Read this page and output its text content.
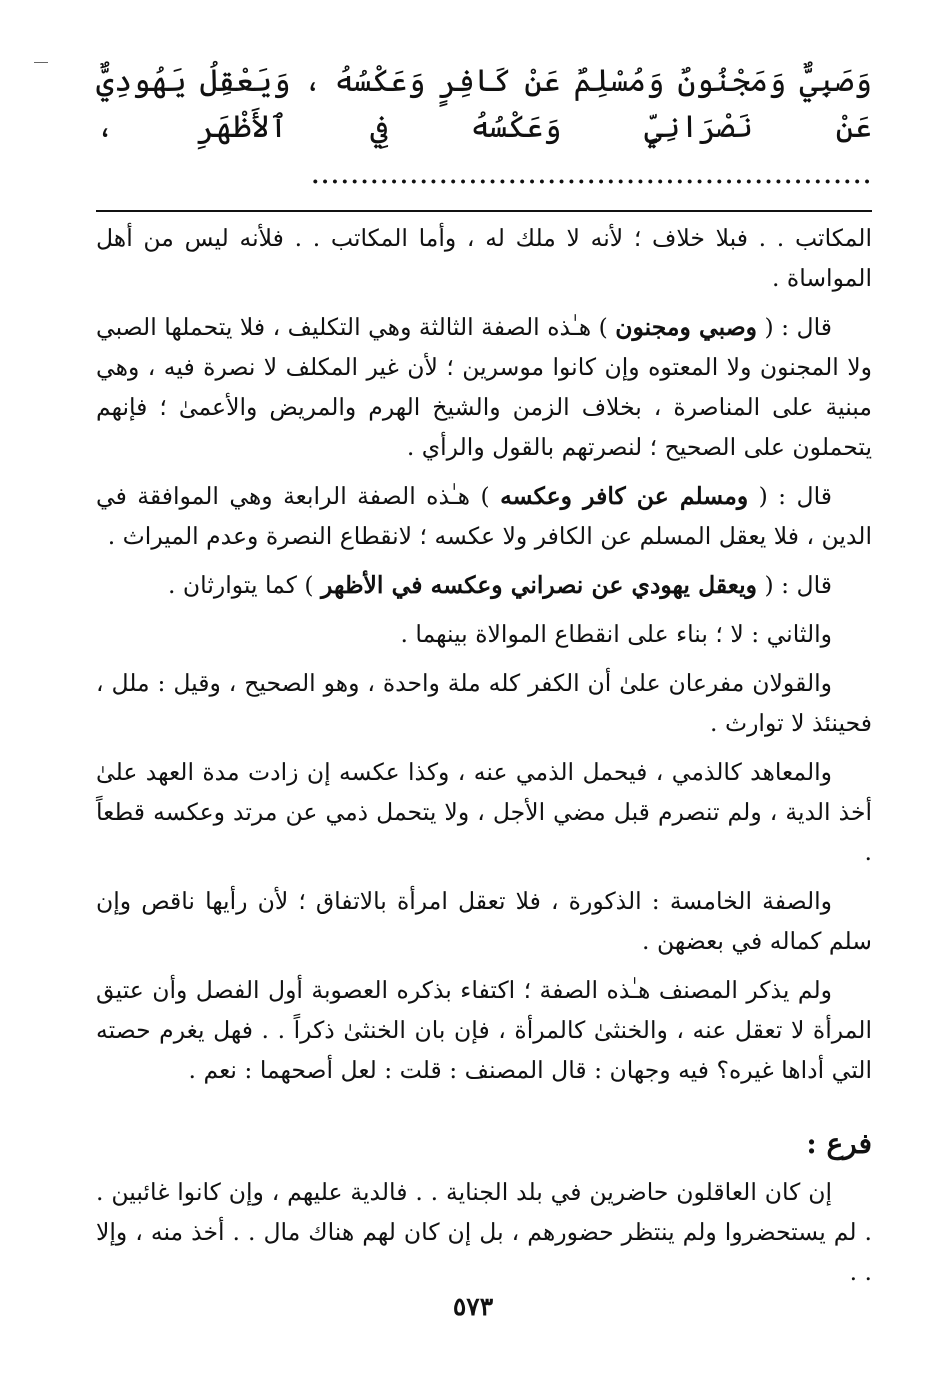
وَصَبِيٌّ وَمَجْنُونٌ وَمُسْلِمٌ عَنْ كَافِرٍ وَعَكْسُهُ ، وَيَعْقِلُ يَهُودِيٌّ عَنْ نَصْرَانِيٍّ وَعَكْسُهُ فِي ٱلأَظْهَرِ ، .........................................................

المكاتب . . فبلا خلاف ؛ لأنه لا ملك له ، وأما المكاتب . . فلأنه ليس من أهل المواساة .

قال : ( وصبي ومجنون ) هـٰذه الصفة الثالثة وهي التكليف ، فلا يتحملها الصبي ولا المجنون ولا المعتوه وإن كانوا موسرين ؛ لأن غير المكلف لا نصرة فيه ، وهي مبنية على المناصرة ، بخلاف الزمن والشيخ الهرم والمريض والأعمىٰ ؛ فإنهم يتحملون على الصحيح ؛ لنصرتهم بالقول والرأي .

قال : ( ومسلم عن كافر وعكسه ) هـٰذه الصفة الرابعة وهي الموافقة في الدين ، فلا يعقل المسلم عن الكافر ولا عكسه ؛ لانقطاع النصرة وعدم الميراث .

قال : ( ويعقل يهودي عن نصراني وعكسه في الأظهر ) كما يتوارثان .

والثاني : لا ؛ بناء على انقطاع الموالاة بينهما .

والقولان مفرعان علىٰ أن الكفر كله ملة واحدة ، وهو الصحيح ، وقيل : ملل ، فحينئذ لا توارث .

والمعاهد كالذمي ، فيحمل الذمي عنه ، وكذا عكسه إن زادت مدة العهد علىٰ أخذ الدية ، ولم تنصرم قبل مضي الأجل ، ولا يتحمل ذمي عن مرتد وعكسه قطعاً .

والصفة الخامسة : الذكورة ، فلا تعقل امرأة بالاتفاق ؛ لأن رأيها ناقص وإن سلم كماله في بعضهن .

ولم يذكر المصنف هـٰذه الصفة ؛ اكتفاء بذكره العصوبة أول الفصل وأن عتيق المرأة لا تعقل عنه ، والخنثىٰ كالمرأة ، فإن بان الخنثىٰ ذكراً . . فهل يغرم حصته التي أداها غيره؟ فيه وجهان : قال المصنف : قلت : لعل أصحهما : نعم .

فرع :

إن كان العاقلون حاضرين في بلد الجناية . . فالدية عليهم ، وإن كانوا غائبين . . لم يستحضروا ولم ينتظر حضورهم ، بل إن كان لهم هناك مال . . أخذ منه ، وإلا . .

٥٧٣
